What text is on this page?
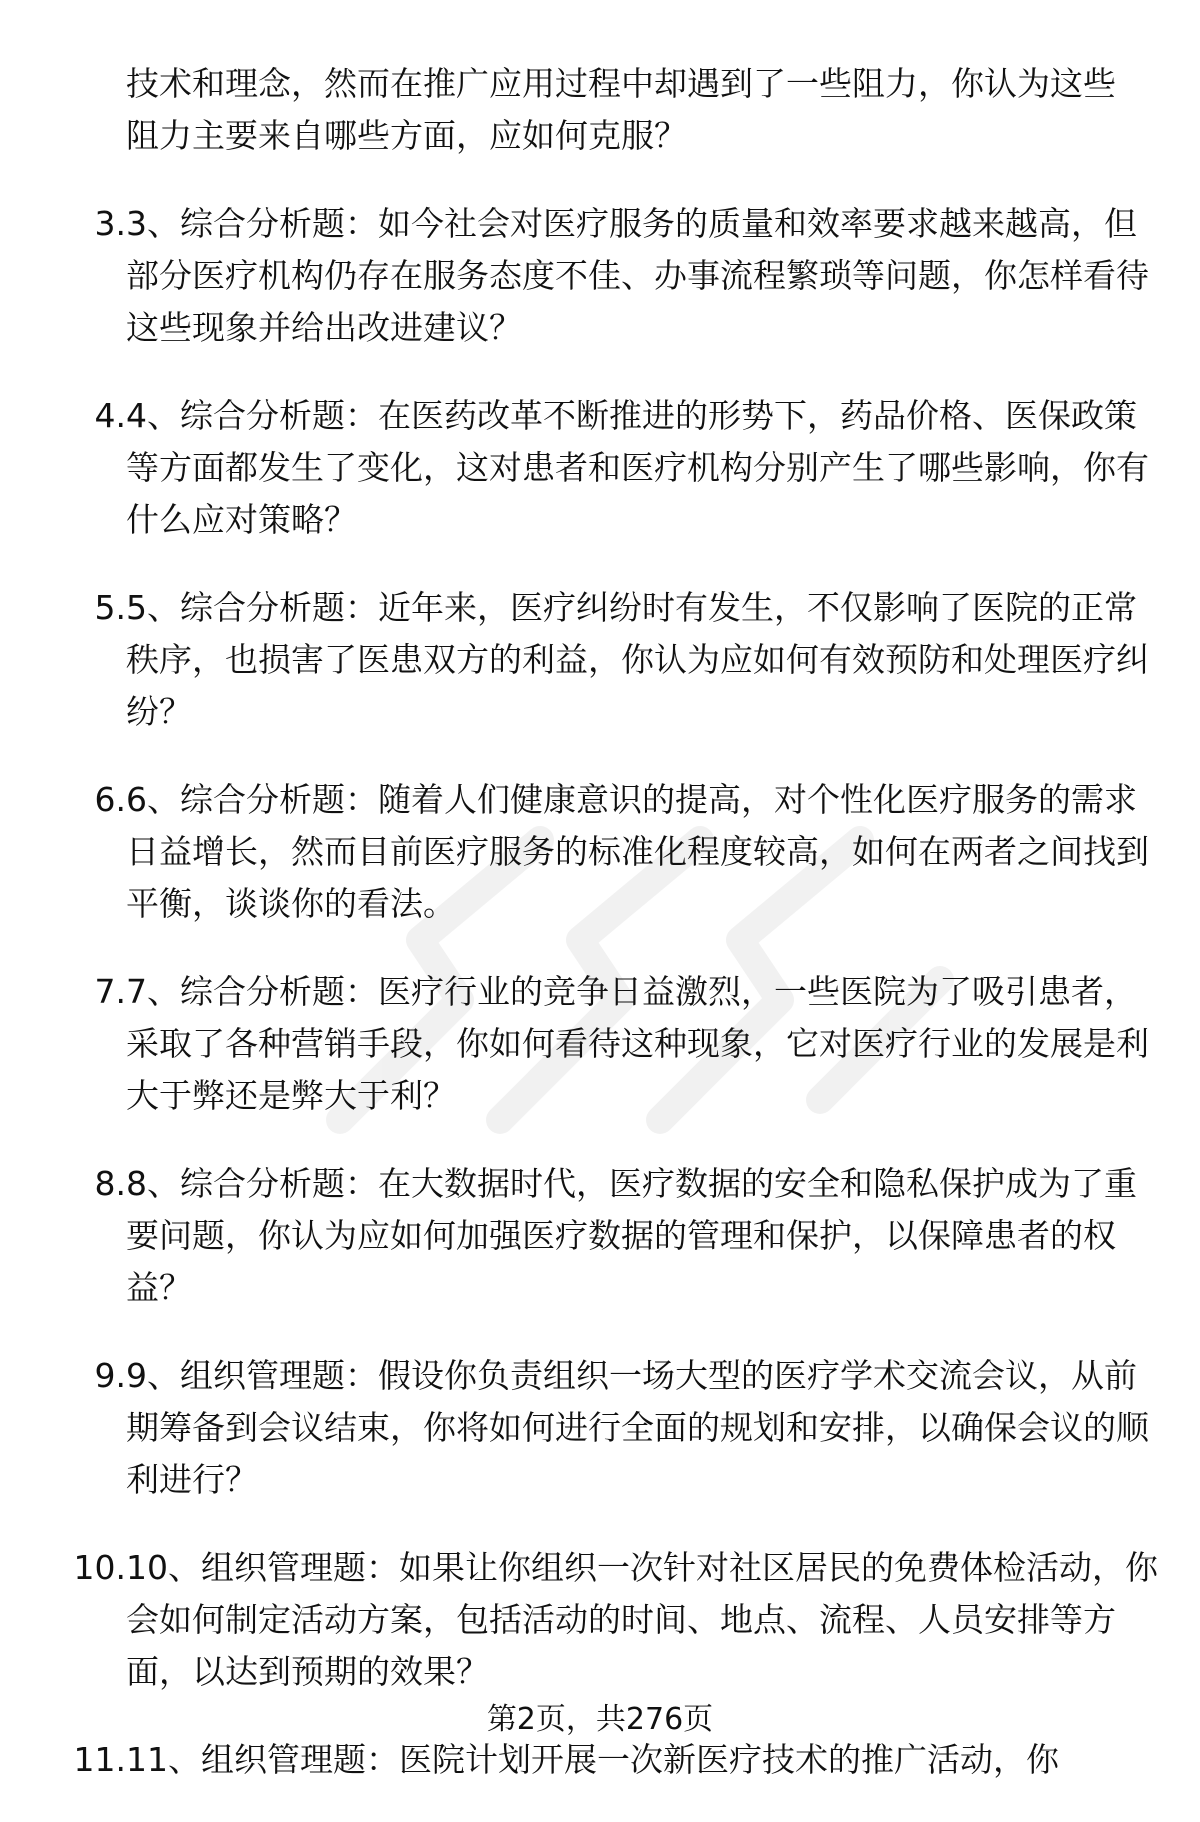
技术和理念，然而在推广应用过程中却遇到了一些阻力，你认为这些阻力主要来自哪些方面，应如何克服？
3. 3、综合分析题：如今社会对医疗服务的质量和效率要求越来越高，但部分医疗机构仍存在服务态度不佳、办事流程繁琐等问题，你怎样看待这些现象并给出改进建议？
4. 4、综合分析题：在医药改革不断推进的形势下，药品价格、医保政策等方面都发生了变化，这对患者和医疗机构分别产生了哪些影响，你有什么应对策略？
5. 5、综合分析题：近年来，医疗纠纷时有发生，不仅影响了医院的正常秩序，也损害了医患双方的利益，你认为应如何有效预防和处理医疗纠纷？
6. 6、综合分析题：随着人们健康意识的提高，对个性化医疗服务的需求日益增长，然而目前医疗服务的标准化程度较高，如何在两者之间找到平衡，谈谈你的看法。
7. 7、综合分析题：医疗行业的竞争日益激烈，一些医院为了吸引患者，采取了各种营销手段，你如何看待这种现象，它对医疗行业的发展是利大于弊还是弊大于利？
8. 8、综合分析题：在大数据时代，医疗数据的安全和隐私保护成为了重要问题，你认为应如何加强医疗数据的管理和保护，以保障患者的权益？
9. 9、组织管理题：假设你负责组织一场大型的医疗学术交流会议，从前期筹备到会议结束，你将如何进行全面的规划和安排，以确保会议的顺利进行？
10. 10、组织管理题：如果让你组织一次针对社区居民的免费体检活动，你会如何制定活动方案，包括活动的时间、地点、流程、人员安排等方面，以达到预期的效果？
11. 11、组织管理题：医院计划开展一次新医疗技术的推广活动，你
第2页，共276页
